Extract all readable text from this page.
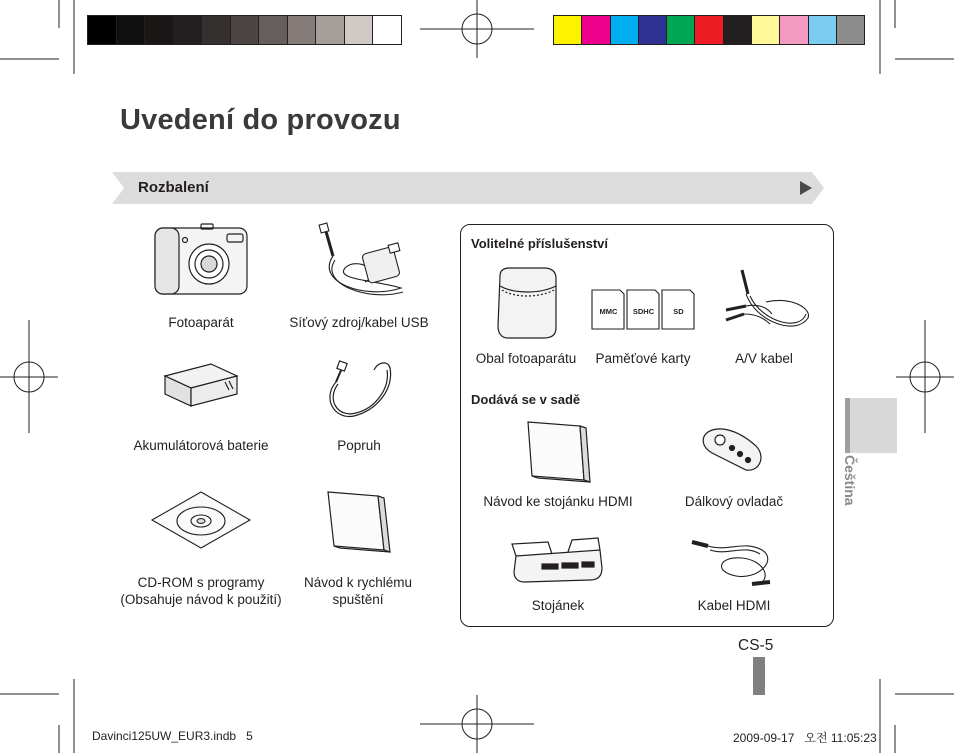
Uvedení do provozu
Rozbalení
Fotoaparát	Síťový zdroj/kabel USB
Akumulátorová baterie	Popruh
CD-ROM s programy
(Obsahuje návod k použití)
Návod k rychlému
spuštění
Volitelné příslušenství
Obal fotoaparátu
MMC	SDHC	SD
Paměťové karty	A/V kabel
Dodává se v sadě
Návod ke stojánku HDMI	Dálkový ovladač
Stojánek	Kabel HDMI
Čeština
CS-5
Davinci125UW_EUR3.indb   5	2009-09-17   오전 11:05:23
